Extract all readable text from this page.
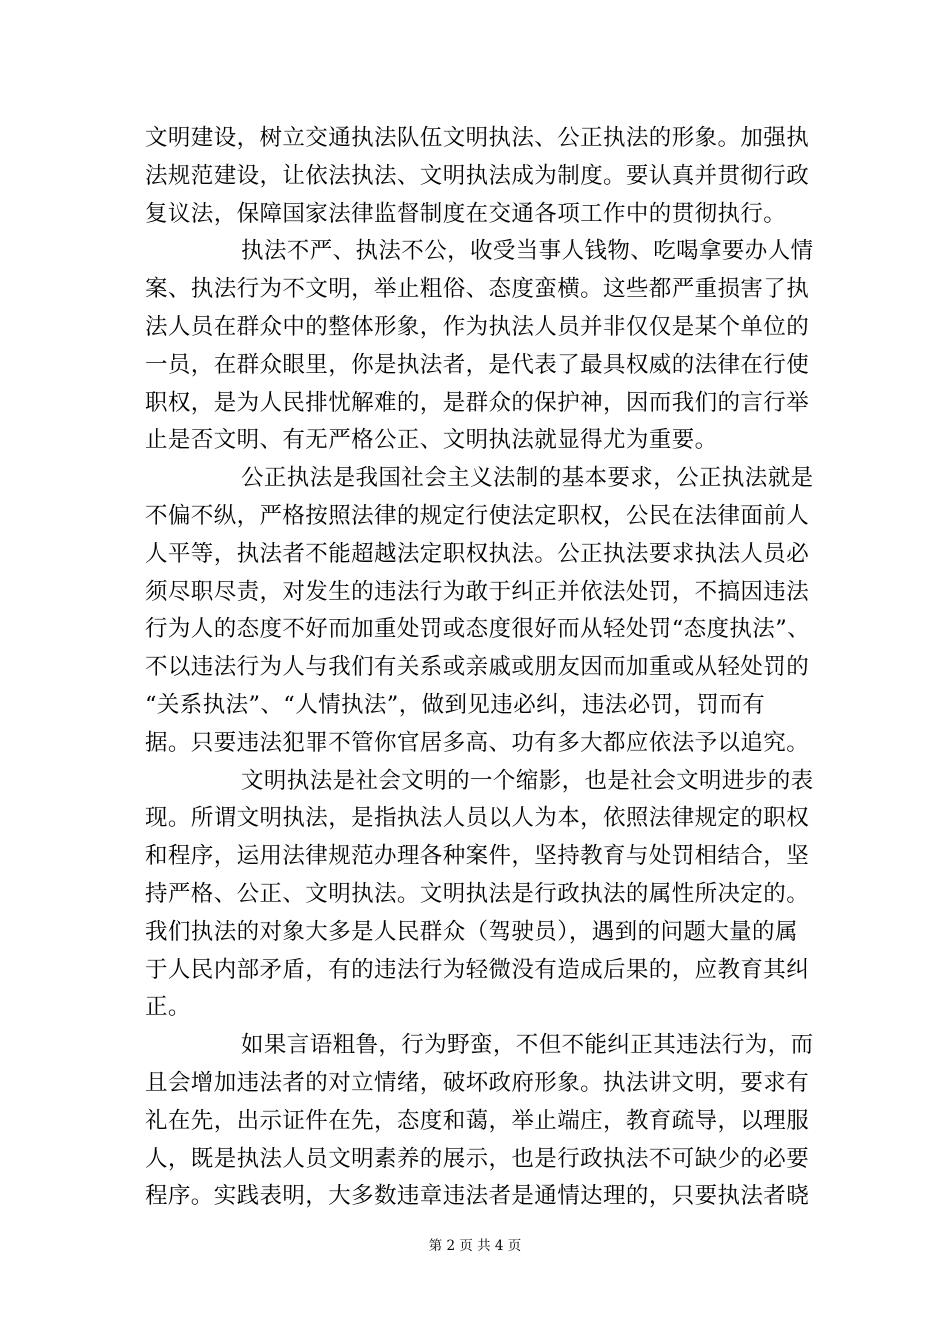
文明建设，树立交通执法队伍文明执法、公正执法的形象。加强执
法规范建设，让依法执法、文明执法成为制度。要认真并贯彻行政
复议法，保障国家法律监督制度在交通各项工作中的贯彻执行。
执法不严、执法不公，收受当事人钱物、吃喝拿要办人情
案、执法行为不文明，举止粗俗、态度蛮横。这些都严重损害了执
法人员在群众中的整体形象，作为执法人员并非仅仅是某个单位的
一员，在群众眼里，你是执法者，是代表了最具权威的法律在行使
职权，是为人民排忧解难的，是群众的保护神，因而我们的言行举
止是否文明、有无严格公正、文明执法就显得尤为重要。
公正执法是我国社会主义法制的基本要求，公正执法就是
不偏不纵，严格按照法律的规定行使法定职权，公民在法律面前人
人平等，执法者不能超越法定职权执法。公正执法要求执法人员必
须尽职尽责，对发生的违法行为敢于纠正并依法处罚，不搞因违法
行为人的态度不好而加重处罚或态度很好而从轻处罚“态度执法”、
不以违法行为人与我们有关系或亲戚或朋友因而加重或从轻处罚的
“关系执法”、“人情执法”，做到见违必纠，违法必罚，罚而有
据。只要违法犯罪不管你官居多高、功有多大都应依法予以追究。
文明执法是社会文明的一个缩影，也是社会文明进步的表
现。所谓文明执法，是指执法人员以人为本，依照法律规定的职权
和程序，运用法律规范办理各种案件，坚持教育与处罚相结合，坚
持严格、公正、文明执法。文明执法是行政执法的属性所决定的。
我们执法的对象大多是人民群众（驾驶员），遇到的问题大量的属
于人民内部矛盾，有的违法行为轻微没有造成后果的，应教育其纠
正。
如果言语粗鲁，行为野蛮，不但不能纠正其违法行为，而
且会增加违法者的对立情绪，破坏政府形象。执法讲文明，要求有
礼在先，出示证件在先，态度和蔼，举止端庄，教育疏导，以理服
人，既是执法人员文明素养的展示，也是行政执法不可缺少的必要
程序。实践表明，大多数违章违法者是通情达理的，只要执法者晓
第 2 页 共 4 页
